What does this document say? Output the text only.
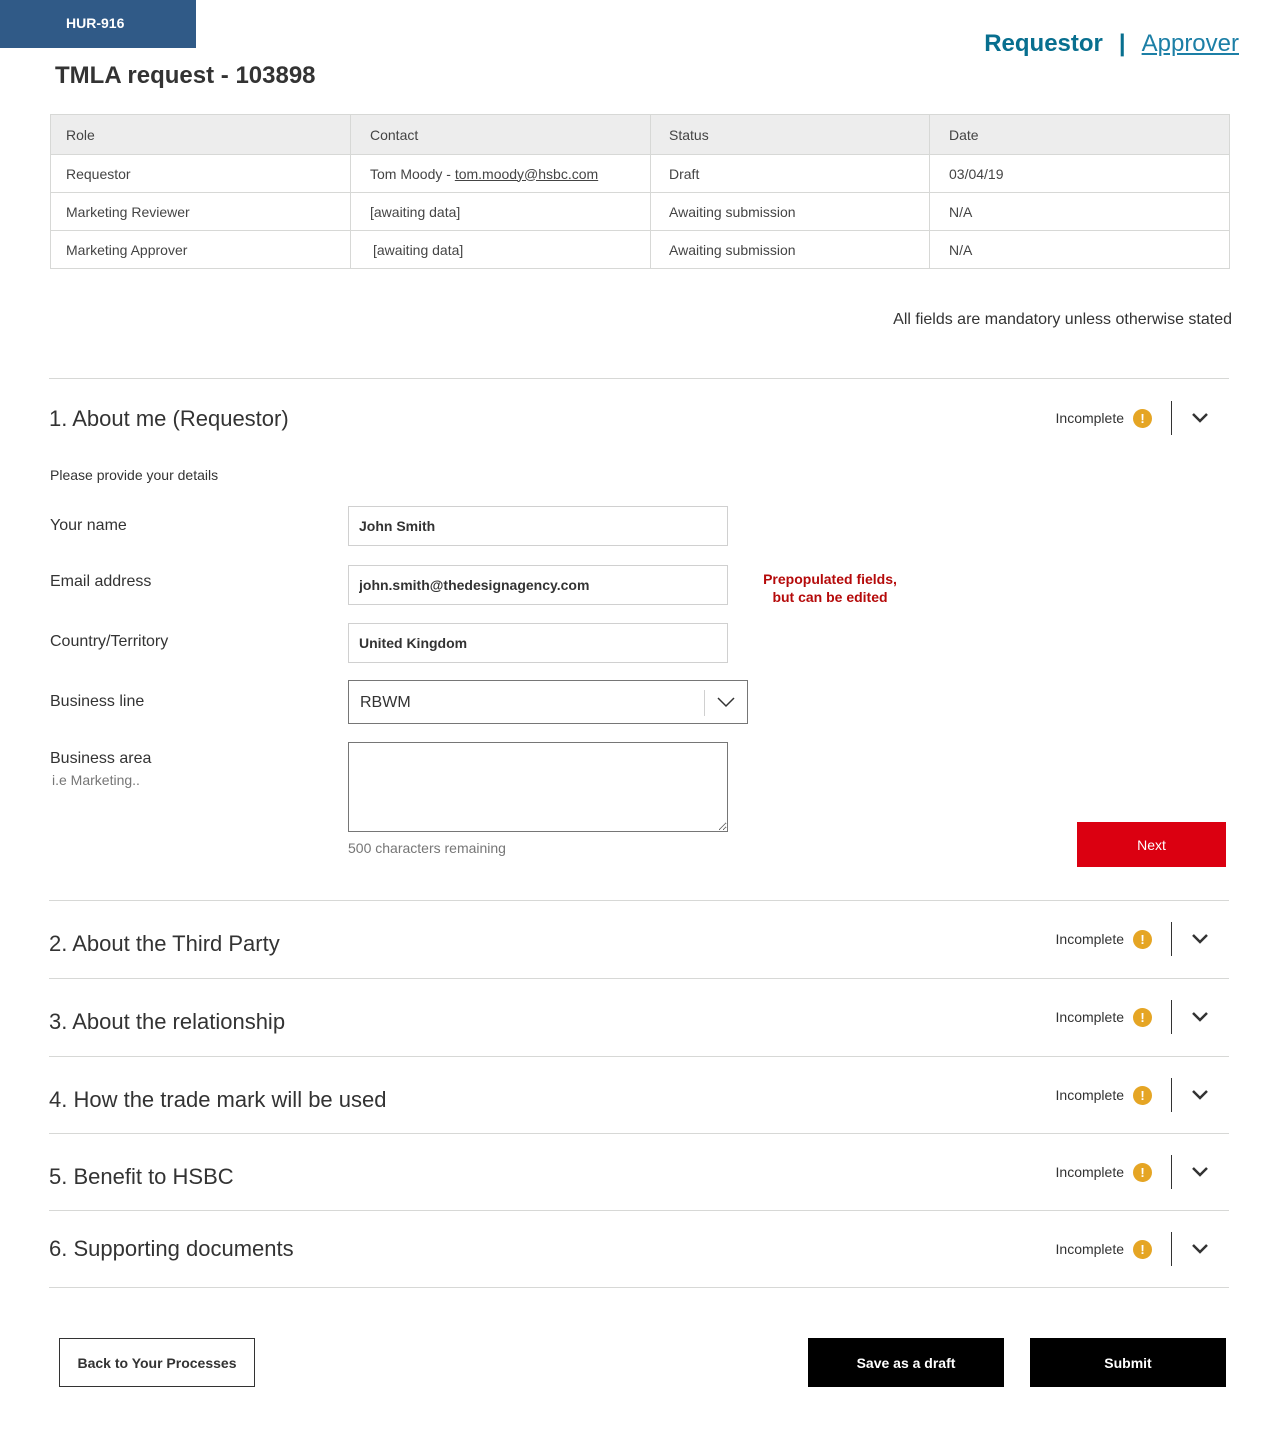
HUR-916
Requestor | Approver
TMLA request - 103898
Role	Contact	Status	Date
Requestor	Tom Moody - tom.moody@hsbc.com	Draft	03/04/19
Marketing Reviewer	[awaiting data]	Awaiting submission	N/A
Marketing Approver	[awaiting data]	Awaiting submission	N/A
All fields are mandatory unless otherwise stated
1. About me (Requestor)	Incomplete	!
Please provide your details
Your name
John Smith
Email address
john.smith@thedesignagency.com	Prepopulated fields,
but can be edited
Country/Territory
United Kingdom
Business line	RBWM
Business area
i.e Marketing..
500 characters remaining	Next
2. About the Third Party	Incomplete	!
3. About the relationship	Incomplete	!
4. How the trade mark will be used	Incomplete	!
5. Benefit to HSBC	Incomplete	!
6. Supporting documents	Incomplete	!
Back to Your Processes	Save as a draft	Submit
